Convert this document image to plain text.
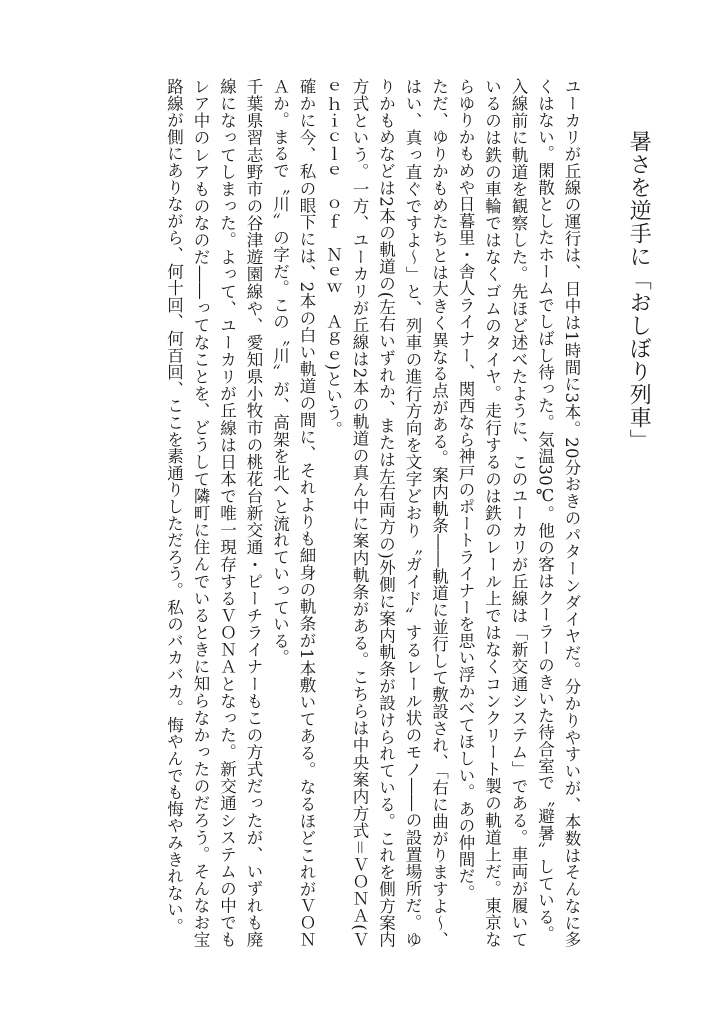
暑さを逆手に「おしぼり列車」

ユーカリが丘線の運行は、日中は1時間に3本。20分おきのパターンダイヤだ。分かりやすいが、本数はそんなに多くはない。閑散としたホームでしばし待った。気温30℃。他の客はクーラーのきいた待合室で〝避暑〟している。

入線前に軌道を観察した。先ほど述べたように、このユーカリが丘線は「新交通システム」である。車両が履いているのは鉄の車輪ではなくゴムのタイヤ。走行するのは鉄のレール上ではなくコンクリート製の軌道上だ。東京ならゆりかもめや日暮里・舎人ライナー、関西なら神戸のポートライナーを思い浮かべてほしい。あの仲間だ。

ただ、ゆりかもめたちとは大きく異なる点がある。案内軌条――軌道に並行して敷設され、「右に曲がりますよ～、はい、真っ直ぐですよ～」と、列車の進行方向を文字どおり〝ガイド〟するレール状のモノ――の設置場所だ。ゆりかもめなどは2本の軌道の(左右いずれか、または左右両方の)外側に案内軌条が設けられている。これを側方案内方式という。一方、ユーカリが丘線は2本の軌道の真ん中に案内軌条がある。こちらは中央案内方式＝ＶＯＮＡ(Ｖｅｈｉｃｌｅ　ｏｆ　Ｎｅｗ　Ａｇｅ)という。

確かに今、私の眼下には、2本の白い軌道の間に、それよりも細身の軌条が1本敷いてある。なるほどこれがＶＯＮＡか。まるで〝川〟の字だ。この〝川〟が、高架を北へと流れていっている。

千葉県習志野市の谷津遊園線や、愛知県小牧市の桃花台新交通・ピーチライナーもこの方式だったが、いずれも廃線になってしまった。よって、ユーカリが丘線は日本で唯一現存するＶＯＮＡとなった。新交通システムの中でもレア中のレアものなのだ――ってなことを、どうして隣町に住んでいるときに知らなかったのだろう。そんなお宝路線が側にありながら、何十回、何百回、ここを素通りしただろう。私のバカバカ。悔やんでも悔やみきれない。
